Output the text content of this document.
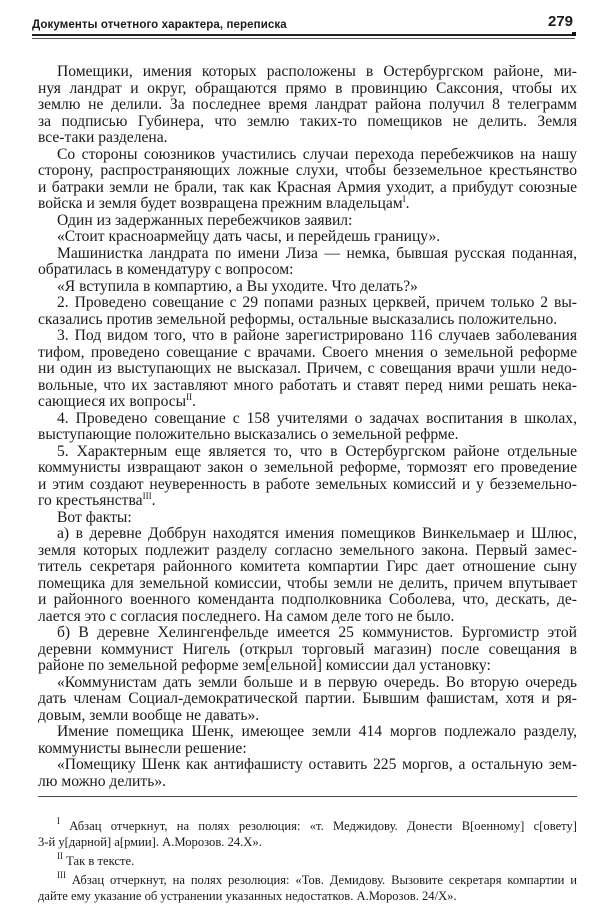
Документы отчетного характера, переписка	279
Помещики, имения которых расположены в Остербургском районе, ми-
нуя ландрат и округ, обращаются прямо в провинцию Саксония, чтобы их
землю не делили. За последнее время ландрат района получил 8 телеграмм
за подписью Губинера, что землю таких-то помещиков не делить. Земля
все-таки разделена.
Со стороны союзников участились случаи перехода перебежчиков на нашу
сторону, распространяющих ложные слухи, чтобы безземельное крестьянство
и батраки земли не брали, так как Красная Армия уходит, а прибудут союзные
войска и земля будет возвращена прежним владельцам$^I$.
Один из задержанных перебежчиков заявил:
«Стоит красноармейцу дать часы, и перейдешь границу».
Машинистка ландрата по имени Лиза — немка, бывшая русская поданная,
обратилась в комендатуру с вопросом:
«Я вступила в компартию, а Вы уходите. Что делать?»
2. Проведено совещание с 29 попами разных церквей, причем только 2 вы-
сказались против земельной реформы, остальные высказались положительно.
3. Под видом того, что в районе зарегистрировано 116 случаев заболевания
тифом, проведено совещание с врачами. Своего мнения о земельной реформе
ни один из выступающих не высказал. Причем, с совещания врачи ушли недо-
вольные, что их заставляют много работать и ставят перед ними решать нека-
сающиеся их вопросы$^{II}$.
4. Проведено совещание с 158 учителями о задачах воспитания в школах,
выступающие положительно высказались о земельной рефрме.
5. Характерным еще является то, что в Остербургском районе отдельные
коммунисты извращают закон о земельной реформе, тормозят его проведение
и этим создают неуверенность в работе земельных комиссий и у безземельно-
го крестьянства$^{III}$.
Вот факты:
а) в деревне Доббрун находятся имения помещиков Винкельмаер и Шлюс,
земля которых подлежит разделу согласно земельного закона. Первый замес-
титель секретаря районного комитета компартии Гирс дает отношение сыну
помещика для земельной комиссии, чтобы земли не делить, причем впутывает
и районного военного коменданта подполковника Соболева, что, дескать, де-
лается это с согласия последнего. На самом деле того не было.
б) В деревне Хелингенфельде имеется 25 коммунистов. Бургомистр этой
деревни коммунист Нигель (открыл торговый магазин) после совещания в
районе по земельной реформе зем[ельной] комиссии дал установку:
«Коммунистам дать земли больше и в первую очередь. Во вторую очередь
дать членам Социал-демократической партии. Бывшим фашистам, хотя и ря-
довым, земли вообще не давать».
Имение помещика Шенк, имеющее земли 414 моргов подлежало разделу,
коммунисты вынесли решение:
«Помещику Шенк как антифашисту оставить 225 моргов, а остальную зем-
лю можно делить».
$^I$ Абзац отчеркнут, на полях резолюция: «т. Меджидову. Донести В[оенному] с[овету]
3-й у[дарной] а[рмии]. А.Морозов. 24.X».
$^{II}$ Так в тексте.
$^{III}$ Абзац отчеркнут, на полях резолюция: «Тов. Демидову. Вызовите секретаря компартии и
дайте ему указание об устранении указанных недостатков. А.Морозов. 24/X».
